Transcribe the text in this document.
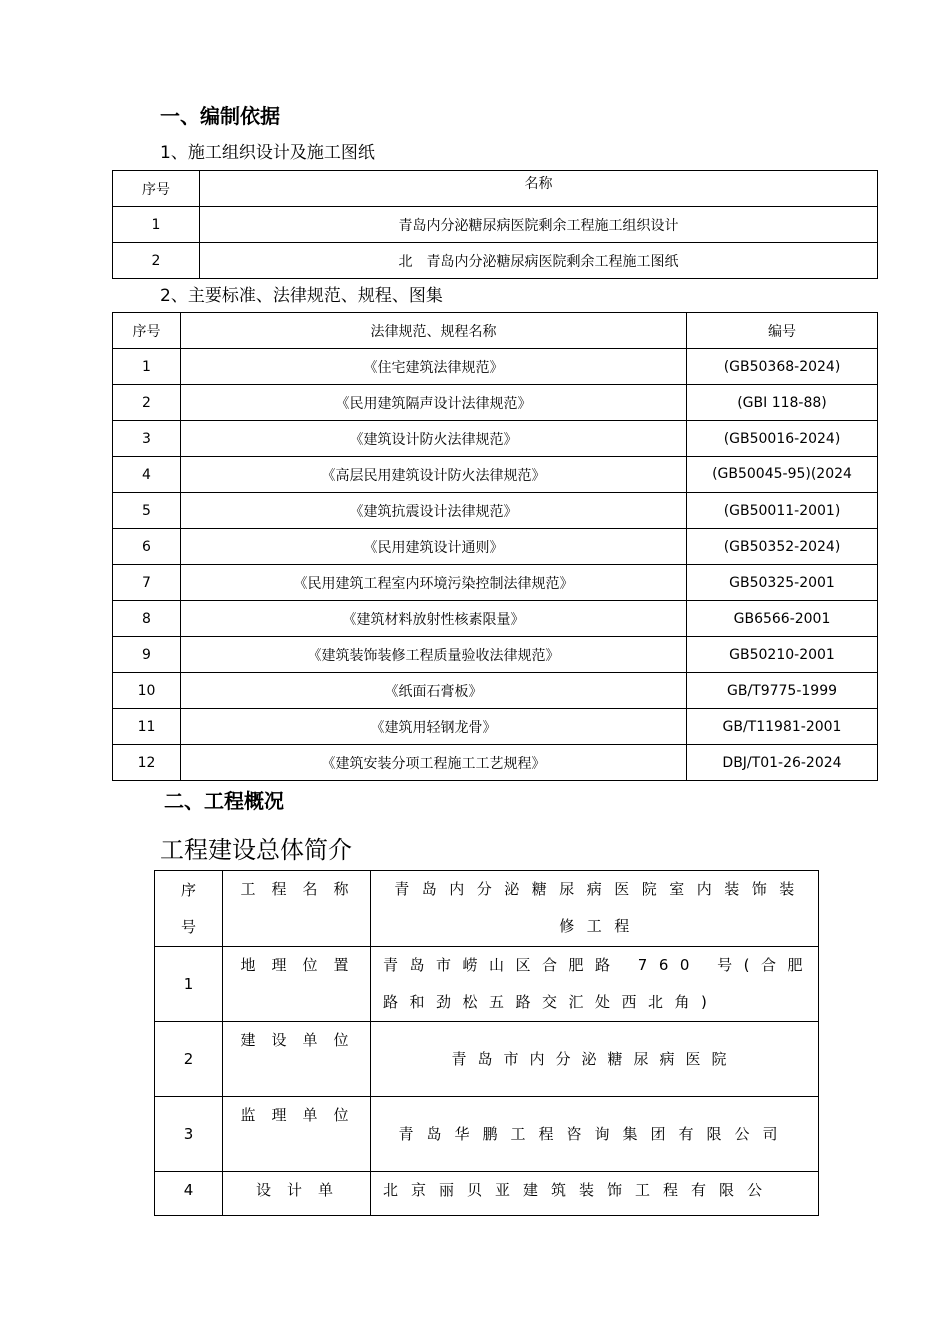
一、编制依据
1、施工组织设计及施工图纸
序号	名称
1	青岛内分泌糖尿病医院剩余工程施工组织设计
2	北　青岛内分泌糖尿病医院剩余工程施工图纸
2、主要标准、法律规范、规程、图集
序号	法律规范、规程名称	编号
1	《住宅建筑法律规范》	(GB50368-2024)
2	《民用建筑隔声设计法律规范》	(GBI 118-88)
3	《建筑设计防火法律规范》	(GB50016-2024)
4	《高层民用建筑设计防火法律规范》	(GB50045-95)(2024

5	《建筑抗震设计法律规范》	(GB50011-2001)
6	《民用建筑设计通则》	(GB50352-2024)
7	《民用建筑工程室内环境污染控制法律规范》	GB50325-2001
8	《建筑材料放射性核素限量》	GB6566-2001
9	《建筑装饰装修工程质量验收法律规范》	GB50210-2001
10	《纸面石膏板》	GB/T9775-1999
11	《建筑用轻钢龙骨》	GB/T11981-2001
12	《建筑安装分项工程施工工艺规程》	DBJ/T01-26-2024
二、工程概况
工程建设总体简介
序号	工程名称	青岛内分泌糖尿病医院室内装饰装修工程
1	地理位置	青岛市崂山区合肥路 760 号(合肥路和劲松五路交汇处西北角)
2	建设单位	青岛市内分泌糖尿病医院
3	监理单位	青岛华鹏工程咨询集团有限公司
4	设计单	北京丽贝亚建筑装饰工程有限公
